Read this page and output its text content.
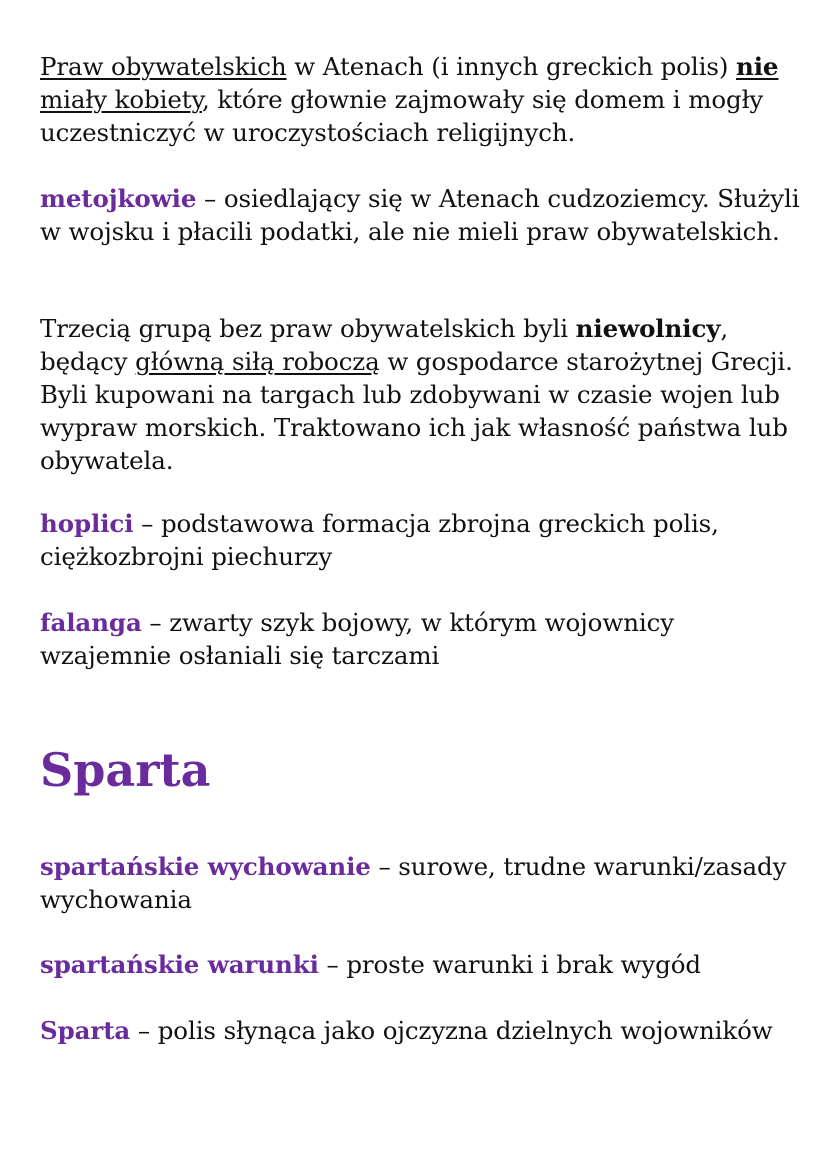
Praw obywatelskich w Atenach (i innych greckich polis) nie miały kobiety, które głownie zajmowały się domem i mogły uczestniczyć w uroczystościach religijnych.

metojkowie – osiedlający się w Atenach cudzoziemcy. Służyli w wojsku i płacili podatki, ale nie mieli praw obywatelskich.

Trzecią grupą bez praw obywatelskich byli niewolnicy, będący główną siłą roboczą w gospodarce starożytnej Grecji. Byli kupowani na targach lub zdobywani w czasie wojen lub wypraw morskich. Traktowano ich jak własność państwa lub obywatela.

hoplici – podstawowa formacja zbrojna greckich polis, ciężkozbrojni piechurzy

falanga – zwarty szyk bojowy, w którym wojownicy wzajemnie osłaniali się tarczami

Sparta

spartańskie wychowanie – surowe, trudne warunki/zasady wychowania

spartańskie warunki – proste warunki i brak wygód

Sparta – polis słynąca jako ojczyzna dzielnych wojowników
